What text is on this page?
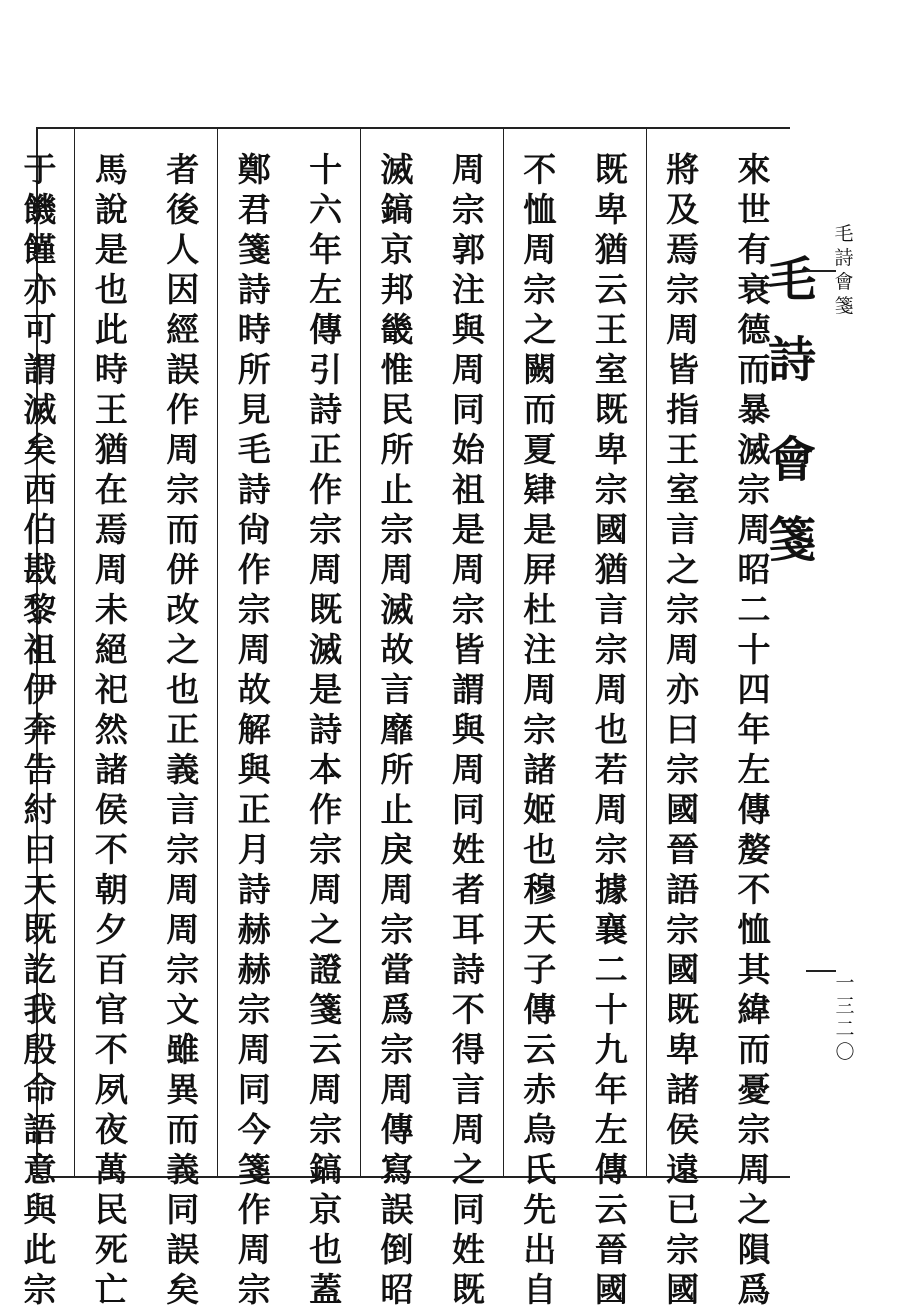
毛
詩
會
箋
毛
詩
會
箋
一
三
二
〇
來
世
有
衰
德
而
暴
滅
宗
周
昭
二
十
四
年
左
傳
嫠
不
恤
其
緯
而
憂
宗
周
之
隕
爲
將
及
焉
宗
周
皆
指
王
室
言
之
宗
周
亦
曰
宗
國
晉
語
宗
國
既
卑
諸
侯
遠
已
宗
國
既
卑
猶
云
王
室
既
卑
宗
國
猶
言
宗
周
也
若
周
宗
據
襄
二
十
九
年
左
傳
云
晉
國
不
恤
周
宗
之
闕
而
夏
肄
是
屛
杜
注
周
宗
諸
姬
也
穆
天
子
傳
云
赤
烏
氏
先
出
自
周
宗
郭
注
與
周
同
始
祖
是
周
宗
皆
謂
與
周
同
姓
者
耳
詩
不
得
言
周
之
同
姓
既
滅
鎬
京
邦
畿
惟
民
所
止
宗
周
滅
故
言
靡
所
止
戾
周
宗
當
爲
宗
周
傳
寫
誤
倒
昭
十
六
年
左
傳
引
詩
正
作
宗
周
既
滅
是
詩
本
作
宗
周
之
證
箋
云
周
宗
鎬
京
也
蓋
鄭
君
箋
詩
時
所
見
毛
詩
尙
作
宗
周
故
解
與
正
月
詩
赫
赫
宗
周
同
今
箋
作
周
宗
者
後
人
因
經
誤
作
周
宗
而
併
改
之
也
正
義
言
宗
周
周
宗
文
雖
異
而
義
同
誤
矣
馬
說
是
也
此
時
王
猶
在
焉
周
未
絕
祀
然
諸
侯
不
朝
夕
百
官
不
夙
夜
萬
民
死
亡
于
饑
饉
亦
可
謂
滅
矣
西
伯
戡
黎
祖
伊
奔
告
紂
曰
天
既
訖
我
殷
命
語
意
與
此
宗
